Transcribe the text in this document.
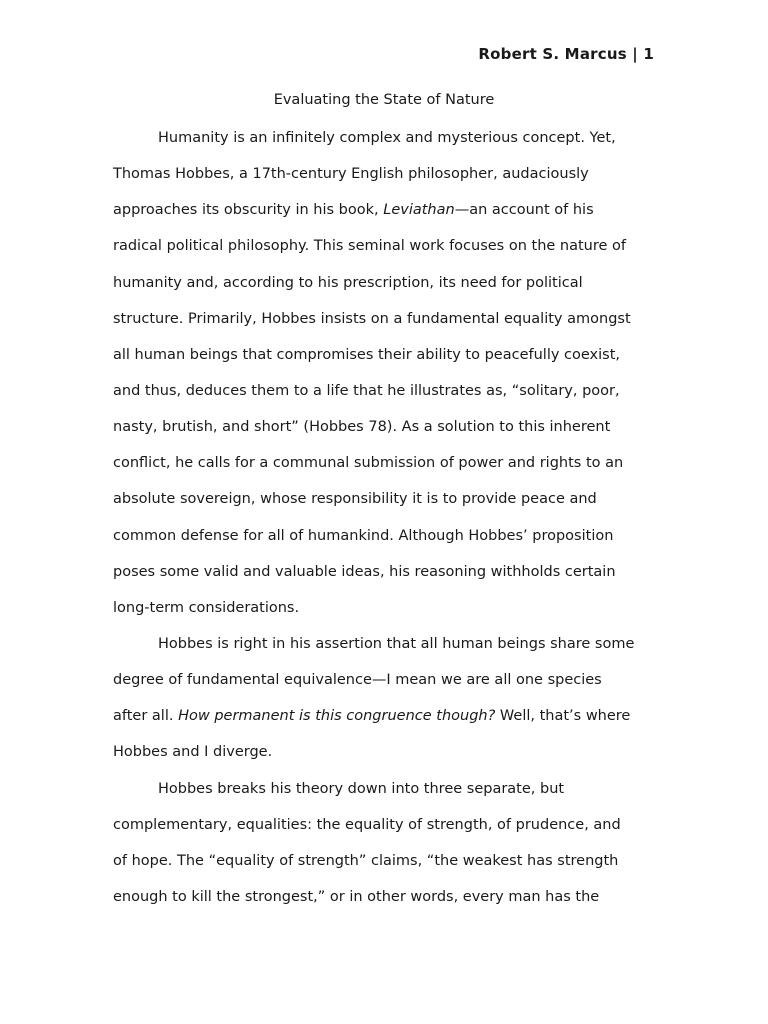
Robert S. Marcus | 1
Evaluating the State of Nature
Humanity is an infinitely complex and mysterious concept. Yet,
Thomas Hobbes, a 17th-century English philosopher, audaciously
approaches its obscurity in his book, Leviathan—an account of his
radical political philosophy. This seminal work focuses on the nature of
humanity and, according to his prescription, its need for political
structure. Primarily, Hobbes insists on a fundamental equality amongst
all human beings that compromises their ability to peacefully coexist,
and thus, deduces them to a life that he illustrates as, “solitary, poor,
nasty, brutish, and short” (Hobbes 78). As a solution to this inherent
conflict, he calls for a communal submission of power and rights to an
absolute sovereign, whose responsibility it is to provide peace and
common defense for all of humankind. Although Hobbes’ proposition
poses some valid and valuable ideas, his reasoning withholds certain
long-term considerations.
Hobbes is right in his assertion that all human beings share some
degree of fundamental equivalence—I mean we are all one species
after all. How permanent is this congruence though? Well, that’s where
Hobbes and I diverge.
Hobbes breaks his theory down into three separate, but
complementary, equalities: the equality of strength, of prudence, and
of hope. The “equality of strength” claims, “the weakest has strength
enough to kill the strongest,” or in other words, every man has the
